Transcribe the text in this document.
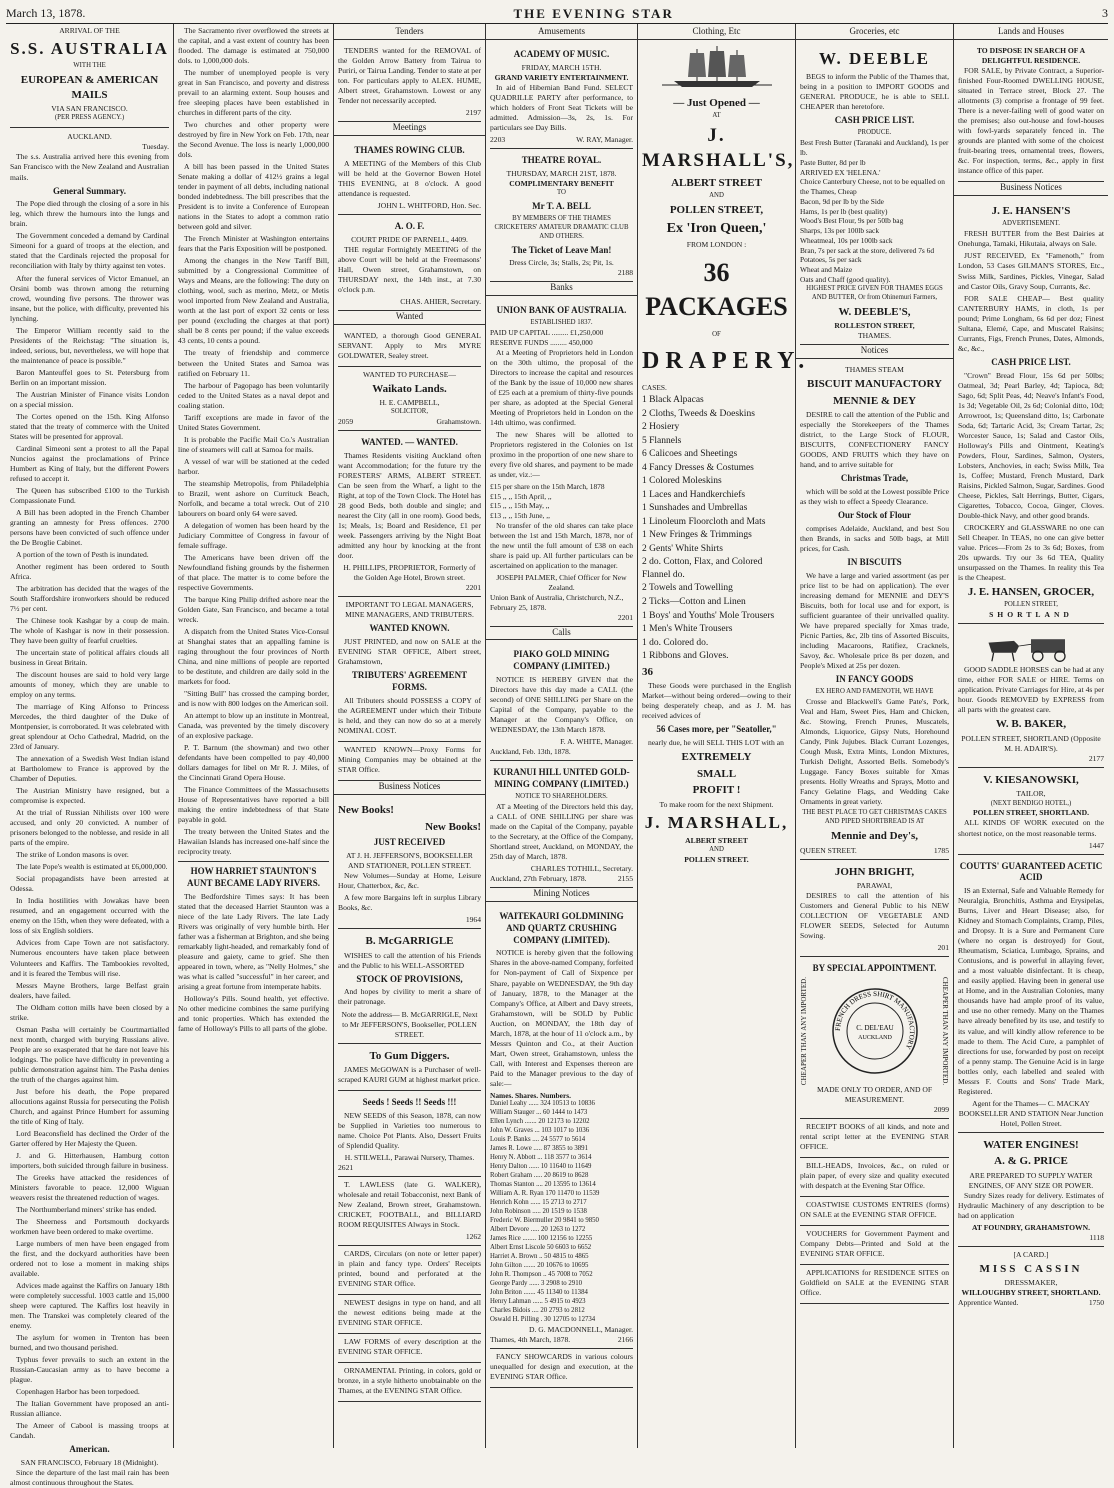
March 13, 1878.	THE EVENING STAR	3
ARRIVAL OF THE
S.S. AUSTRALIA
WITH THE
EUROPEAN & AMERICAN MAILS
VIA SAN FRANCISCO.
(PER PRESS AGENCY.)
AUCKLAND.
Tuesday.

The s.s. Australia arrived here this evening from San Francisco with the New Zealand and Australian mails.

General Summary.

The Pope died through the closing of a sore in his leg, which threw the humours into the lungs and brain.

The Government conceded a demand by Cardinal Simeoni for a guard of troops at the election, and stated that the Cardinals rejected the proposal for reconciliation with Italy by thirty against ten votes.

After the funeral services of Victor Emanuel, an Orsini bomb was thrown among the returning crowd, wounding five persons. The thrower was insane, but the police, with difficulty, prevented his lynching.

The Emperor William recently said to the Presidents of the Reichstag: "The situation is, indeed, serious, but, nevertheless, we will hope that the maintenance of peace is possible."

Baron Manteuffel goes to St. Petersburg from Berlin on an important mission.

The Austrian Minister of Finance visits London on a special mission.

The Cortes opened on the 15th. King Alfonso stated that the treaty of commerce with the United States will be presented for approval.

Cardinal Simeoni sent a protest to all the Papal Nuncios against the proclamations of Prince Humbert as King of Italy, but the different Powers refused to accept it.

The Queen has subscribed £100 to the Turkish Compassionate Fund.

A Bill has been adopted in the French Chamber granting an amnesty for Press offences. 2700 persons have been convicted of such offence under the De Broglie Cabinet.

A portion of the town of Pesth is inundated.

Another regiment has been ordered to South Africa.

The arbitration has decided that the wages of the South Staffordshire ironworkers should be reduced 7½ per cent.

The Chinese took Kashgar by a coup de main. The whole of Kashgar is now in their possession. They have been guilty of fearful cruelties.

The uncertain state of political affairs clouds all business in Great Britain.

The discount houses are said to hold very large amounts of money, which they are unable to employ on any terms.

The marriage of King Alfonso to Princess Mercedes, the third daughter of the Duke of Montpensier, is corroborated. It was celebrated with great splendour at Ocho Cathedral, Madrid, on the 23rd of January.

The annexation of a Swedish West Indian island at Bartholomew to France is approved by the Chamber of Deputies.

The Austrian Ministry have resigned, but a compromise is expected.

At the trial of Russian Nihilists over 100 were accused, and only 20 convicted. A number of prisoners belonged to the noblesse, and reside in all parts of the empire.

The strike of London masons is over.

The late Pope's wealth is estimated at £6,000,000.

Social propagandists have been arrested at Odessa.

In India hostilities with Jowakas have been resumed, and an engagement occurred with the enemy on the 15th, when they were defeated, with a loss of six English soldiers.

Advices from Cape Town are not satisfactory. Numerous encounters have taken place between Volunteers and Kaffirs. The Tambookies revolted, and it is feared the Tembus will rise.

Messrs Mayne Brothers, large Belfast grain dealers, have failed.

The Oldham cotton mills have been closed by a strike.

Osman Pasha will certainly be Courtmartialled next month, charged with burying Russians alive. People are so exasperated that he dare not leave his lodgings. The police have difficulty in preventing a public demonstration against him. The Pasha denies the truth of the charges against him.

Just before his death, the Pope prepared allocutions against Russia for persecuting the Polish Church, and against Prince Humbert for assuming the title of King of Italy.

Lord Beaconsfield has declined the Order of the Garter offered by Her Majesty the Queen.

J. and G. Hitterhausen, Hamburg cotton importers, both suicided through failure in business.

The Greeks have attacked the residences of Ministers favorable to peace. 12,000 Wiguan weavers resist the threatened reduction of wages.

The Northumberland miners' strike has ended.

The Sheerness and Portsmouth dockyards workmen have been ordered to make overtime.

Large numbers of men have been engaged from the first, and the dockyard authorities have been ordered not to lose a moment in making ships available.

Advices made against the Kaffirs on January 18th were completely successful. 1003 cattle and 15,000 sheep were captured. The Kaffirs lost heavily in men. The Transkei was completely cleared of the enemy.

The asylum for women in Trenton has been burned, and two thousand perished.

Typhus fever prevails to such an extent in the Russian-Caucasian army as to have become a plague.

Copenhagen Harbor has been torpedoed.

The Italian Government have proposed an anti-Russian alliance.

The Ameer of Cabool is massing troops at Candah.

American.
SAN FRANCISCO, February 18 (Midnight).

Since the departure of the last mail rain has been almost continuous throughout the States.

The Sacramento river overflowed the streets at the capital, and a vast extent of country has been flooded. The damage is estimated at 750,000 dols. to 1,000,000 dols.

The number of unemployed people is very great in San Francisco, and poverty and distress prevail to an alarming extent. Soup houses and free sleeping places have been established in churches in different parts of the city.

Two churches and other property were destroyed by fire in New York on Feb. 17th, near the Second Avenue. The loss is nearly 1,000,000 dols.

A bill has been passed in the United States Senate making a dollar of 412½ grains a legal tender in payment of all debts, including national bonded indebtedness. The bill prescribes that the President is to invite a Conference of European nations in the States to adopt a common ratio between gold and silver.

The French Minister at Washington entertains fears that the Paris Exposition will be postponed.

Among the changes in the New Tariff Bill, submitted by a Congressional Committee of Ways and Means, are the following: The duty on clothing, wool, such as merino, Metz, or Metis wool imported from New Zealand and Australia, worth at the last port of export 32 cents or less per pound (excluding the charges at that port) shall be 8 cents per pound; if the value exceeds 43 cents, 10 cents a pound.

The treaty of friendship and commerce between the United States and Samoa was ratified on February 11.

The harbour of Pagopago has been voluntarily ceded to the United States as a naval depot and coaling station.

Tariff exceptions are made in favor of the United States Government.

It is probable the Pacific Mail Co.'s Australian line of steamers will call at Samoa for mails.

A vessel of war will be stationed at the ceded harbor.

The steamship Metropolis, from Philadelphia to Brazil, went ashore on Currituck Beach, Norfolk, and became a total wreck. Out of 210 labourers on board only 64 were saved.

A delegation of women has been heard by the Judiciary Committee of Congress in favour of female suffrage.

The Americans have been driven off the Newfoundland fishing grounds by the fishermen of that place. The matter is to come before the respective Governments.

The barque King Philip drifted ashore near the Golden Gate, San Francisco, and became a total wreck.

A dispatch from the United States Vice-Consul at Shanghai states that an appalling famine is raging throughout the four provinces of North China, and nine millions of people are reported to be destitute, and children are daily sold in the markets for food.

"Sitting Bull" has crossed the camping border, and is now with 800 lodges on the American soil.

An attempt to blow up an institute in Montreal, Canada, was prevented by the timely discovery of an explosive package.

P. T. Barnum (the showman) and two other defendants have been compelled to pay 40,000 dollars damages for libel on Mr R. J. Miles, of the Cincinnati Grand Opera House.

The Finance Committees of the Massachusetts House of Representatives have reported a bill making the entire indebtedness of that State payable in gold.

The treaty between the United States and the Hawaiian Islands has increased one-half since the reciprocity treaty.

HOW HARRIET STAUNTON'S AUNT BECAME LADY RIVERS.

The Bedfordshire Times says: It has been stated that the deceased Harriet Staunton was a niece of the late Lady Rivers. The late Lady Rivers was originally of very humble birth. Her father was a fisherman at Brighton, and she being remarkably light-headed, and remarkably fond of pleasure and gaiety, came to grief. She then appeared in town, where, as "Nelly Holmes," she was what is called "successful" in her career, and arising a great fortune from intemperate habits.

Holloway's Pills. Sound health, yet effective. No other medicine combines the same purifying and tonic properties. Which has extended the fame of Holloway's Pills to all parts of the globe.

Tenders

TENDERS wanted for the REMOVAL of the Golden Arrow Battery from Tairua to Puriri, or Tairua Landing. Tender to state at per ton. For particulars apply to ALEX. HUME, Albert street, Grahamstown. Lowest or any Tender not necessarily accepted.

2197
Meetings
THAMES ROWING CLUB.

A MEETING of the Members of this Club will be held at the Governor Bowen Hotel THIS EVENING, at 8 o'clock. A good attendance is requested.

JOHN L. WHITFORD, Hon. Sec.
A. O. F.
COURT PRIDE OF PARNELL, 4409.

THE regular Fortnightly MEETING of the above Court will be held at the Freemasons' Hall, Owen street, Grahamstown, on THURSDAY next, the 14th inst., at 7.30 o'clock p.m.

CHAS. AHIER, Secretary.
Wanted

WANTED, a thorough Good GENERAL SERVANT. Apply to Mrs MYRE GOLDWATER, Sealey street.

WANTED TO PURCHASE—
Waikato Lands.
H. E. CAMPBELL,
SOLICITOR,
2059	Grahamstown.
WANTED. — WANTED.

Thames Residents visiting Auckland often want Accommodation; for the future try the FORESTERS' ARMS, ALBERT STREET. Can be seen from the Wharf, a light to the Right, at top of the Town Clock. The Hotel has 28 good Beds, both double and single; and nearest the City (all in one room). Good beds, 1s; Meals, 1s; Board and Residence, £1 per week. Passengers arriving by the Night Boat admitted any hour by knocking at the front door.

H. PHILLIPS, PROPRIETOR, Formerly of the Golden Age Hotel, Brown street.
2201
IMPORTANT TO LEGAL MANAGERS, MINE MANAGERS, AND TRIBUTERS.
WANTED KNOWN.

JUST PRINTED, and now on SALE at the EVENING STAR OFFICE, Albert street, Grahamstown,

TRIBUTERS' AGREEMENT FORMS.

All Tributers should POSSESS a COPY of the AGREEMENT under which their Tribute is held, and they can now do so at a merely NOMINAL COST.

WANTED KNOWN—Proxy Forms for Mining Companies may be obtained at the STAR Office.

Business Notices
New Books!
New Books!
JUST RECEIVED
AT J. H. JEFFERSON'S, BOOKSELLER AND STATIONER, POLLEN STREET.

New Volumes—Sunday at Home, Leisure Hour, Chatterbox, &c, &c.

A few more Bargains left in surplus Library Books, &c.

1964
B. McGARRIGLE

WISHES to call the attention of his Friends and the Public to his WELL-ASSORTED

STOCK OF PROVISIONS,

And hopes by civility to merit a share of their patronage.

Note the address— B. McGARRIGLE, Next to Mr JEFFERSON'S, Bookseller, POLLEN STREET.
To Gum Diggers.

JAMES McGOWAN is a Purchaser of well-scraped KAURI GUM at highest market price.

Seeds ! Seeds !! Seeds !!!

NEW SEEDS of this Season, 1878, can now be Supplied in Varieties too numerous to name. Choice Pot Plants. Also, Dessert Fruits of Splendid Quality.

H. STILWELL, Parawai Nursery, Thames.
2621

T. LAWLESS (late G. WALKER), wholesale and retail Tobacconist, next Bank of New Zealand, Brown street, Grahamstown. CRICKET, FOOTBALL, and BILLIARD ROOM REQUISITES Always in Stock.

1262

CARDS, Circulars (on note or letter paper) in plain and fancy type. Orders' Receipts printed, bound and perforated at the EVENING STAR Office.

NEWEST designs in type on hand, and all the newest editions being made at the EVENING STAR OFFICE.

LAW FORMS of every description at the EVENING STAR OFFICE.

ORNAMENTAL Printing, in colors, gold or bronze, in a style hitherto unobtainable on the Thames, at the EVENING STAR Office.

Amusements
ACADEMY OF MUSIC.
FRIDAY, MARCH 15TH.
GRAND VARIETY ENTERTAINMENT.

In aid of Hibernian Band Fund. SELECT QUADRILLE PARTY after performance, to which holders of Front Seat Tickets will be admitted. Admission—3s, 2s, 1s. For particulars see Day Bills.

2203	W. RAY, Manager.
THEATRE ROYAL.
THURSDAY, MARCH 21ST, 1878.
COMPLIMENTARY BENEFIT
TO
Mr T. A. BELL
BY MEMBERS OF THE THAMES CRICKETERS' AMATEUR DRAMATIC CLUB AND OTHERS.
The Ticket of Leave Man!
Dress Circle, 3s; Stalls, 2s; Pit, 1s.
2188
Banks
UNION BANK OF AUSTRALIA.
ESTABLISHED 1837.
PAID UP CAPITAL ......... £1,250,000
RESERVE FUNDS ......... 450,000

At a Meeting of Proprietors held in London on the 30th ultimo, the proposal of the Directors to increase the capital and resources of the Bank by the issue of 10,000 new shares of £25 each at a premium of thirty-five pounds per share, as adopted at the Special General Meeting of Proprietors held in London on the 14th ultimo, was confirmed.

The new Shares will be allotted to Proprietors registered in the Colonies on 1st proximo in the proportion of one new share to every five old shares, and payment to be made as under, viz.:—

£15 per share on the 15th March, 1878
£15 ,, ,, 15th April, ,,
£15 ,, ,, 15th May, ,,
£13 ,, ,, 15th June, ,,

No transfer of the old shares can take place between the 1st and 15th March, 1878, nor of the new until the full amount of £38 on each share is paid up. All further particulars can be ascertained on application to the manager.

JOSEPH PALMER, Chief Officer for New Zealand.
Union Bank of Australia, Christchurch, N.Z., February 25, 1878.
2201
Calls
PIAKO GOLD MINING COMPANY (LIMITED.)

NOTICE IS HEREBY GIVEN that the Directors have this day made a CALL (the second) of ONE SHILLING per Share on the Capital of the Company, payable to the Manager at the Company's Office, on WEDNESDAY, the 13th March 1878.

F. A. WHITE, Manager.
Auckland, Feb. 13th, 1878.
KURANUI HILL UNITED GOLD-MINING COMPANY (LIMITED.)
NOTICE TO SHAREHOLDERS.

AT a Meeting of the Directors held this day, a CALL of ONE SHILLING per share was made on the Capital of the Company, payable to the Secretary, at the Office of the Company, Shortland street, Auckland, on MONDAY, the 25th day of March, 1878.

CHARLES TOTHILL, Secretary.
Auckland, 27th February, 1878.	2155
Mining Notices
WAITEKAURI GOLDMINING AND QUARTZ CRUSHING COMPANY (LIMITED).

NOTICE is hereby given that the following Shares in the above-named Company, forfeited for Non-payment of Call of Sixpence per Share, payable on WEDNESDAY, the 9th day of January, 1878, to the Manager at the Company's Office, at Albert and Davy streets, Grahamstown, will be SOLD by Public Auction, on MONDAY, the 18th day of March, 1878, at the hour of 11 o'clock a.m., by Messrs Quinton and Co., at their Auction Mart, Owen street, Grahamstown, unless the Call, with Interest and Expenses thereon are Paid to the Manager previous to the day of sale:—

Names. Shares. Numbers.
Daniel Leahy ...... 324 10513 to 10836
William Stauger ... 60 1444 to 1473
Ellen Lynch ....... 20 12173 to 12202
John W. Graves ... 103 1017 to 1036
Louis P. Banks .... 24 5577 to 5614
James R. Lowe ..... 87 3855 to 3891
Henry N. Abbott ... 118 3577 to 3614
Henry Dalton ...... 10 11640 to 11649
Robert Graham ..... 20 8619 to 8628
Thomas Stanton .... 20 13595 to 13614
William A. R. Ryan 170 11470 to 11539
Henrich Kohn ...... 15 2713 to 2717
John Robinson ..... 20 1519 to 1538
Frederic W. Biermuller 20 9841 to 9850
Albert Devore ..... 20 1263 to 1272
James Rice ........ 100 12156 to 12255
Albert Ernst Liscole 50 6603 to 6652
Harriet A. Brown .. 50 4815 to 4865
John Gilton ....... 20 10676 to 10695
John R. Thompson .. 45 7008 to 7052
George Pardy ...... 3 2908 to 2910
John Briton ....... 45 11340 to 11384
Henry Lahman ...... 5 4915 to 4923
Charles Bidois .... 20 2793 to 2812
Oswald H. Pilling . 30 12705 to 12734
D. G. MACDONNELL, Manager.
Thames, 4th March, 1878.	2166

FANCY SHOWCARDS in various colours unequalled for design and execution, at the EVENING STAR Office.

Clothing, Etc
— Just Opened —
AT
J. MARSHALL'S,
ALBERT STREET
AND
POLLEN STREET,
Ex 'Iron Queen,'
FROM LONDON :
36 PACKAGES
OF
DRAPERY.
CASES.
1 Black Alpacas
2 Cloths, Tweeds & Doeskins
2 Hosiery
5 Flannels
6 Calicoes and Sheetings
4 Fancy Dresses & Costumes
1 Colored Moleskins
1 Laces and Handkerchiefs
1 Sunshades and Umbrellas
1 Linoleum Floorcloth and Mats
1 New Fringes & Trimmings
2 Gents' White Shirts
2 do. Cotton, Flax, and Colored Flannel do.
2 Towels and Towelling
2 Ticks—Cotton and Linen
1 Boys' and Youths' Mole Trousers
1 Men's White Trousers
1 do. Colored do.
1 Ribbons and Gloves.
36

These Goods were purchased in the English Market—without being ordered—owing to their being desperately cheap, and as J. M. has received advices of

56 Cases more, per "Seatoller,"

nearly due, he will SELL THIS LOT with an

EXTREMELY
SMALL
PROFIT !
To make room for the next Shipment.
J. MARSHALL,
ALBERT STREET
AND
POLLEN STREET.
Groceries, etc
W. DEEBLE

BEGS to inform the Public of the Thames that, being in a position to IMPORT GOODS and GENERAL PRODUCE, he is able to SELL CHEAPER than heretofore.

CASH PRICE LIST.
PRODUCE.
Best Fresh Butter (Taranaki and Auckland), 1s per lb.
Paste Butter, 8d per lb
ARRIVED EX 'HELENA.'
Choice Canterbury Cheese, not to be equalled on the Thames, Cheap
Bacon, 9d per lb by the Side
Hams, 1s per lb (best quality)
Wood's Best Flour, 9s per 50lb bag
Sharps, 13s per 100lb sack
Wheatmeal, 10s per 100lb sack
Bran, 7s per sack at the store, delivered 7s 6d
Potatoes, 5s per sack
Wheat and Maize
Oats and Chaff (good quality).
HIGHEST PRICE GIVEN FOR THAMES EGGS AND BUTTER, Or from Ohinemuri Farmers,
W. DEEBLE'S,
ROLLESTON STREET,
THAMES.
Notices
THAMES STEAM
BISCUIT MANUFACTORY
MENNIE & DEY

DESIRE to call the attention of the Public and especially the Storekeepers of the Thames district, to the Large Stock of FLOUR, BISCUITS, CONFECTIONERY FANCY GOODS, AND FRUITS which they have on hand, and to arrive suitable for

Christmas Trade,

which will be sold at the Lowest possible Price as they wish to effect a Speedy Clearance.

Our Stock of Flour

comprises Adelaide, Auckland, and best Sou then Brands, in sacks and 50lb bags, at Mill prices, for Cash.

IN BISCUITS

We have a large and varied assortment (as per price list to be had on application). The ever increasing demand for MENNIE and DEY'S Biscuits, both for local use and for export, is sufficient guarantee of their unrivalled quality. We have prepared specially for Xmas trade, Picnic Parties, &c, 2lb tins of Assorted Biscuits, including Macaroons, Ratifiez, Cracknels, Savoy, &c. Wholesale price 8s per dozen, and People's Mixed at 25s per dozen.

IN FANCY GOODS
EX HERO AND FAMENOTH, WE HAVE

Crosse and Blackwell's Game Pate's, Pork, Veal and Ham, Sweet Pies, Ham and Chicken, &c. Stowing, French Prunes, Muscatels, Almonds, Liquorice, Gipsy Nuts, Horehound Candy, Pink Jujubes. Black Currant Lozenges, Cough Musk, Extra Mints, London Mixtures, Turkish Delight, Assorted Bells. Somebody's Luggage. Fancy Boxes suitable for Xmas presents. Holly Wreaths and Sprays, Motto and Fancy Gelatine Flags, and Wedding Cake Ornaments in great variety.

THE BEST PLACE TO GET CHRISTMAS CAKES AND PIPED SHORTBREAD IS AT
Mennie and Dey's,
QUEEN STREET.	1785
JOHN BRIGHT,
PARAWAI,

DESIRES to call the attention of his Customers and General Public to his NEW COLLECTION OF VEGETABLE AND FLOWER SEEDS, Selected for Autumn Sowing.

201
BY SPECIAL APPOINTMENT.
CHEAPER THAN ANY IMPORTED.	FRENCH DRESS SHIRT MANUFACTORY
C. DEL'EAU
AUCKLAND	CHEAPER THAN ANY IMPORTED.
MADE ONLY TO ORDER, AND OF MEASUREMENT.
2099

RECEIPT BOOKS of all kinds, and note and rental script letter at the EVENING STAR OFFICE.

BILL-HEADS, Invoices, &c., on ruled or plain paper, of every size and quality executed with despatch at the Evening Star Office.

COASTWISE CUSTOMS ENTRIES (forms) ON SALE at the EVENING STAR OFFICE.

VOUCHERS for Government Payment and Company Debts—Printed and Sold at the EVENING STAR OFFICE.

APPLICATIONS for RESIDENCE SITES on Goldfield on SALE at the EVENING STAR Office.

Lands and Houses
TO DISPOSE IN SEARCH OF A DELIGHTFUL RESIDENCE.

FOR SALE, by Private Contract, a Superior-finished Four-Roomed DWELLING HOUSE, situated in Terrace street, Block 27. The allotments (3) comprise a frontage of 99 feet. There is a never-failing well of good water on the premises; also out-house and fowl-houses with fowl-yards separately fenced in. The grounds are planted with some of the choicest fruit-bearing trees, ornamental trees, flowers, &c. For inspection, terms, &c., apply in first instance office of this paper.

Business Notices
J. E. HANSEN'S
ADVERTISEMENT.

FRESH BUTTER from the Best Dairies at Onehunga, Tamaki, Hikutaia, always on Sale.

JUST RECEIVED, Ex "Famenoth," from London, 53 Cases GILMAN'S STORES, Etc., Swiss Milk, Sardines, Pickles, Vinegar, Salad and Castor Oils, Gravy Soup, Currants, &c.

FOR SALE CHEAP— Best quality CANTERBURY HAMS, in cloth, 1s per pound; Prime Longham, 6s 6d per doz; Finest Sultana, Elemé, Cape, and Muscatel Raisins; Currants, Figs, French Prunes, Dates, Almonds, &c, &c.,

CASH PRICE LIST.

"Crown" Bread Flour, 15s 6d per 50lbs; Oatmeal, 3d; Pearl Barley, 4d; Tapioca, 8d; Sago, 6d; Split Peas, 4d; Neave's Infant's Food, 1s 3d; Vegetable Oil, 2s 6d; Colonial ditto, 10d; Arrowroot, 1s; Queensland ditto, 1s; Carbonate Soda, 6d; Tartaric Acid, 3s; Cream Tartar, 2s; Worcester Sauce, 1s; Salad and Castor Oils, Holloway's Pills and Ointment, Keating's Powders, Flour, Sardines, Salmon, Oysters, Lobsters, Anchovies, in each; Swiss Milk, Tea 1s, Coffee; Mustard, French Mustard, Dark Raisins, Pickled Salmon, Sugar, Sardines. Good Cheese, Pickles, Salt Herrings, Butter, Cigars, Cigarettes, Tobacco, Cocoa, Ginger, Cloves. Double-thick Navy, and other good brands.

CROCKERY and GLASSWARE no one can Sell Cheaper. In TEAS, no one can give better value. Prices—From 2s to 3s 6d; Boxes, from 20s upwards. Try our 3s 6d TEA, Quality unsurpassed on the Thames. In reality this Tea is the Cheapest.

J. E. HANSEN, GROCER,
POLLEN STREET,
SHORTLAND

GOOD SADDLE HORSES can be had at any time, either FOR SALE or HIRE. Terms on application. Private Carriages for Hire, at 4s per hour. Goods REMOVED by EXPRESS from all parts with the greatest care.

W. B. BAKER,
POLLEN STREET, SHORTLAND (Opposite M. H. ADAIR'S).
2177
V. KIESANOWSKI,
TAILOR,
(NEXT BENDIGO HOTEL,)
POLLEN STREET, SHORTLAND.

ALL KINDS OF WORK executed on the shortest notice, on the most reasonable terms.

1447
COUTTS' GUARANTEED ACETIC ACID

IS an External, Safe and Valuable Remedy for Neuralgia, Bronchitis, Asthma and Erysipelas, Burns, Liver and Heart Disease; also, for Kidney and Stomach Complaints, Cramp, Piles, and Dropsy. It is a Sure and Permanent Cure (where no organ is destroyed) for Gout, Rheumatism, Sciatica, Lumbago, Sprains, and Contusions, and is powerful in allaying fever, and a most valuable disinfectant. It is cheap, and easily applied. Having been in general use at Home, and in the Australian Colonies, many thousands have had ample proof of its value, and use no other remedy. Many on the Thames have already benefited by its use, and testify to its value, and will kindly allow reference to be made to them. The Acid Cure, a pamphlet of directions for use, forwarded by post on receipt of a penny stamp. The Genuine Acid is in large bottles only, each labelled and sealed with Messrs F. Coutts and Sons' Trade Mark, Registered.

Agent for the Thames— C. MACKAY BOOKSELLER AND STATION Near Junction Hotel, Pollen Street.
WATER ENGINES!
A. & G. PRICE
ARE PREPARED TO SUPPLY WATER ENGINES, OF ANY SIZE OR POWER.

Sundry Sizes ready for delivery. Estimates of Hydraulic Machinery of any description to be had on application

AT FOUNDRY, GRAHAMSTOWN.
1118
[A CARD.]
MISS CASSIN
DRESSMAKER,
WILLOUGHBY STREET, SHORTLAND.
Apprentice Wanted.	1750
